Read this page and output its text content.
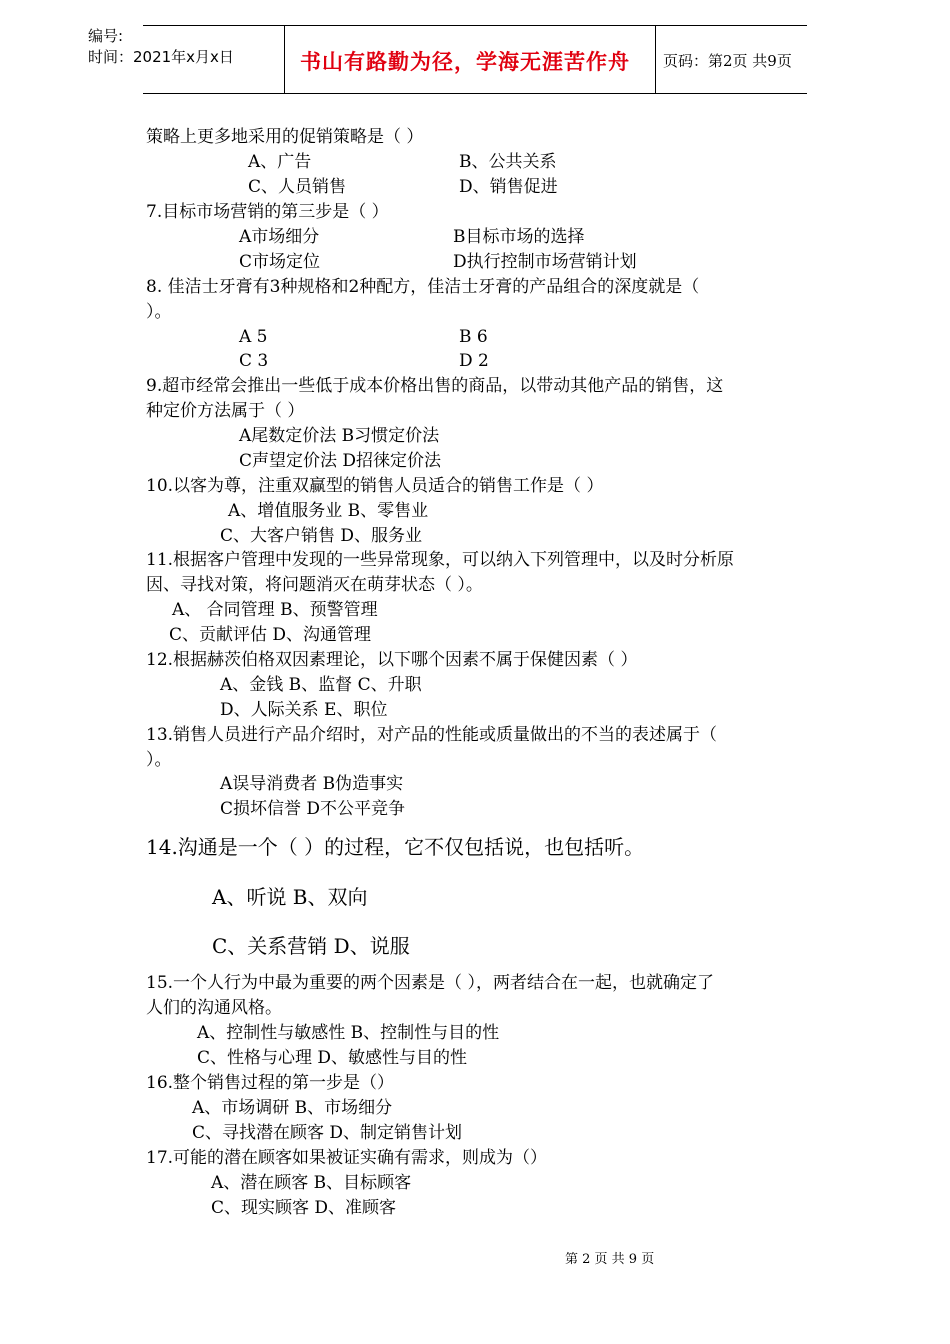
编号:
时间：2021年x月x日	书山有路勤为径，学海无涯苦作舟 页码：第2页 共9页
策略上更多地采用的促销策略是（ ）
A、广告	B、公共关系
C、人员销售	D、销售促进
7.目标市场营销的第三步是（ ）
A市场细分	B目标市场的选择
C市场定位	D执行控制市场营销计划
8. 佳洁士牙膏有3种规格和2种配方，佳洁士牙膏的产品组合的深度就是（
）。
A 5	B 6
C 3	D 2
9.超市经常会推出一些低于成本价格出售的商品，以带动其他产品的销售，这
种定价方法属于（ ）
A尾数定价法 B习惯定价法
C声望定价法 D招徕定价法
10.以客为尊，注重双赢型的销售人员适合的销售工作是（ ）
A、增值服务业 B、零售业
C、大客户销售 D、服务业
11.根据客户管理中发现的一些异常现象，可以纳入下列管理中，以及时分析原
因、寻找对策，将问题消灭在萌芽状态（ ）。
A、 合同管理 B、预警管理
C、贡献评估 D、沟通管理
12.根据赫茨伯格双因素理论，以下哪个因素不属于保健因素（ ）
A、金钱 B、监督 C、升职
D、人际关系 E、职位
13.销售人员进行产品介绍时，对产品的性能或质量做出的不当的表述属于（
）。
A误导消费者 B伪造事实
C损坏信誉 D不公平竞争
14.沟通是一个（ ）的过程，它不仅包括说，也包括听。
A、听说 B、双向
C、关系营销 D、说服
15.一个人行为中最为重要的两个因素是（ ），两者结合在一起，也就确定了
人们的沟通风格。
A、控制性与敏感性 B、控制性与目的性
C、性格与心理 D、敏感性与目的性
16.整个销售过程的第一步是（）
A、市场调研 B、市场细分
C、寻找潜在顾客 D、制定销售计划
17.可能的潜在顾客如果被证实确有需求，则成为（）
A、潜在顾客 B、目标顾客
C、现实顾客 D、准顾客
第 2 页 共 9 页
